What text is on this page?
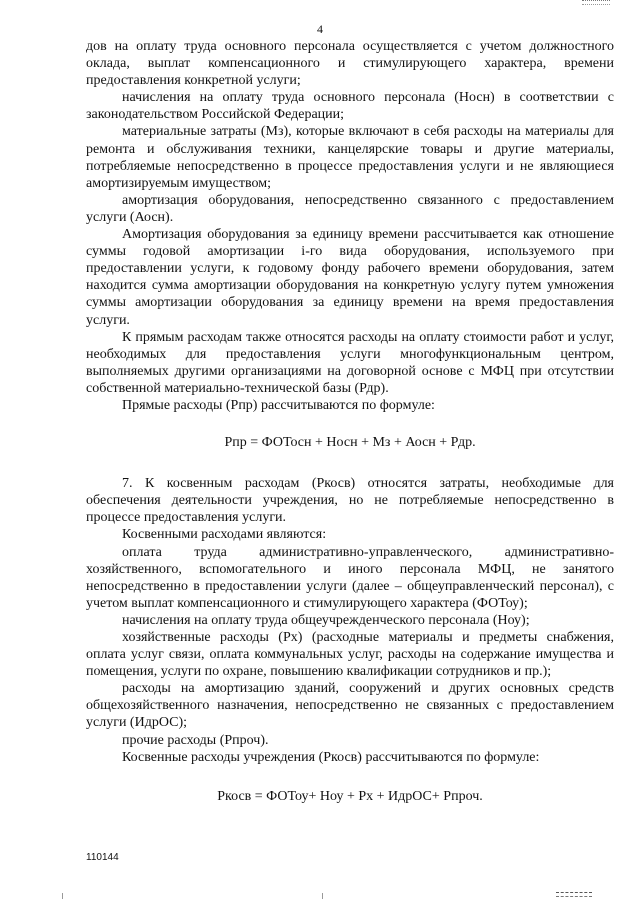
4

дов на оплату труда основного персонала осуществляется с учетом должностного оклада, выплат компенсационного и стимулирующего характера, времени предоставления конкретной услуги;

начисления на оплату труда основного персонала (Носн) в соответствии с законодательством Российской Федерации;

материальные затраты (Мз), которые включают в себя расходы на материалы для ремонта и обслуживания техники, канцелярские товары и другие материалы, потребляемые непосредственно в процессе предоставления услуги и не являющиеся амортизируемым имуществом;

амортизация оборудования, непосредственно связанного с предоставлением услуги (Аосн).

Амортизация оборудования за единицу времени рассчитывается как отношение суммы годовой амортизации i-го вида оборудования, используемого при предоставлении услуги, к годовому фонду рабочего времени оборудования, затем находится сумма амортизации оборудования на конкретную услугу путем умножения суммы амортизации оборудования за единицу времени на время предоставления услуги.

К прямым расходам также относятся расходы на оплату стоимости работ и услуг, необходимых для предоставления услуги многофункциональным центром, выполняемых другими организациями на договорной основе с МФЦ при отсутствии собственной материально-технической базы (Рдр).

Прямые расходы (Рпр) рассчитываются по формуле:

Рпр = ФОТосн + Носн + Мз + Аосн + Рдр.

7. К косвенным расходам (Ркосв) относятся затраты, необходимые для обеспечения деятельности учреждения, но не потребляемые непосредственно в процессе предоставления услуги.

Косвенными расходами являются:

оплата труда административно-управленческого, административно-хозяйственного, вспомогательного и иного персонала МФЦ, не занятого непосредственно в предоставлении услуги (далее – общеуправленческий персонал), с учетом выплат компенсационного и стимулирующего характера (ФОТоу);

начисления на оплату труда общеучрежденческого персонала (Ноу);

хозяйственные расходы (Рх) (расходные материалы и предметы снабжения, оплата услуг связи, оплата коммунальных услуг, расходы на содержание имущества и помещения, услуги по охране, повышению квалификации сотрудников и пр.);

расходы на амортизацию зданий, сооружений и других основных средств общехозяйственного назначения, непосредственно не связанных с предоставлением услуги (ИдрОС);

прочие расходы (Рпроч).

Косвенные расходы учреждения (Ркосв) рассчитываются по формуле:

Ркосв = ФОТоу+ Ноу + Рх + ИдрОС+ Рпроч.

110144
